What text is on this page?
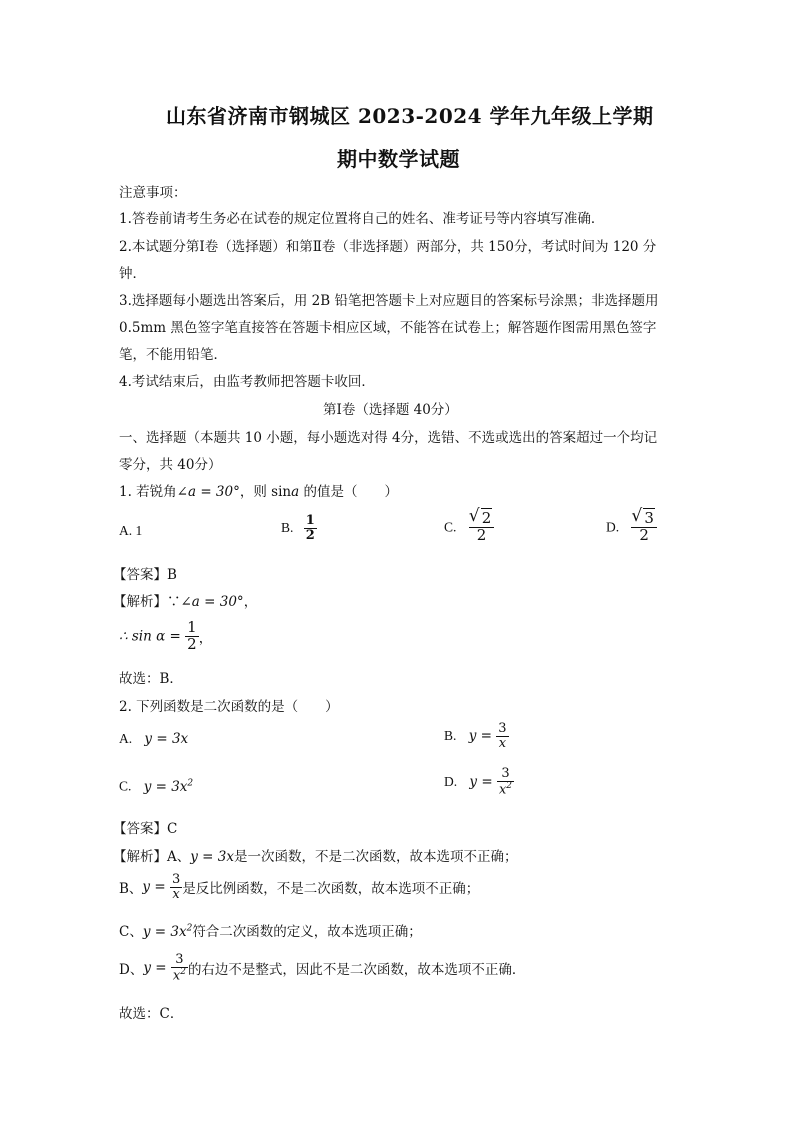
山东省济南市钢城区 2023-2024 学年九年级上学期
期中数学试题
注意事项：
1.答卷前请考生务必在试卷的规定位置将自己的姓名、准考证号等内容填写准确．
2.本试题分第Ⅰ卷（选择题）和第Ⅱ卷（非选择题）两部分，共 150分，考试时间为 120 分
钟．
3.选择题每小题选出答案后，用 2B 铅笔把答题卡上对应题目的答案标号涂黑；非选择题用
0.5mm 黑色签字笔直接答在答题卡相应区域，不能答在试卷上；解答题作图需用黑色签字
笔，不能用铅笔．
4.考试结束后，由监考教师把答题卡收回．
第Ⅰ卷（选择题 40分）
一、选择题（本题共 10 小题，每小题选对得 4分，选错、不选或选出的答案超过一个均记
零分，共 40分）
1. 若锐角∠a = 30°，则 sina 的值是（　　）
A. 1	B. $\frac{1}{2}$	C. √ $\frac{2}{2}$	D. √ $\frac{3}{2}$
【答案】B
【解析】∵∠a = 30°，
∴ $\sin \alpha = \frac{1}{2}$ ，
故选：B．
2. 下列函数是二次函数的是（　　）
A. y = 3x	B. $y = \frac{3}{x}$
C. $y = 3x^2$	D. $y = \frac{3}{x^2}$
【答案】C
【解析】A、y = 3x是一次函数，不是二次函数，故本选项不正确；
B、$y = \frac{3}{x}$ 是反比例函数，不是二次函数，故本选项不正确；
C、$y = 3x^2$符合二次函数的定义，故本选项正确；
D、$y = \frac{3}{x^2}$ 的右边不是整式，因此不是二次函数，故本选项不正确．
故选：C．
